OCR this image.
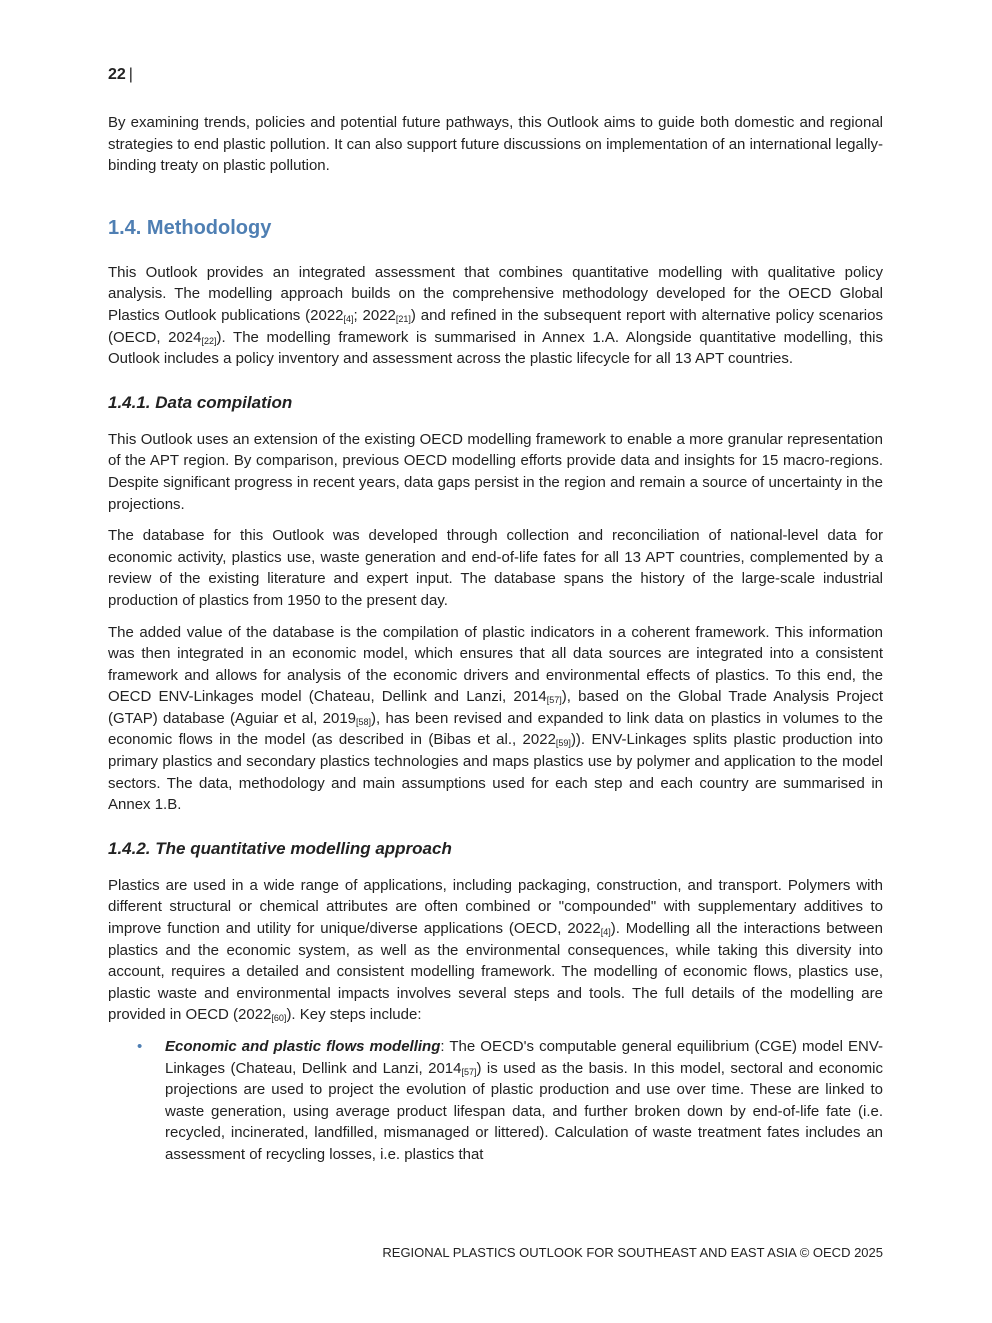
22 |

By examining trends, policies and potential future pathways, this Outlook aims to guide both domestic and regional strategies to end plastic pollution. It can also support future discussions on implementation of an international legally-binding treaty on plastic pollution.

1.4. Methodology

This Outlook provides an integrated assessment that combines quantitative modelling with qualitative policy analysis. The modelling approach builds on the comprehensive methodology developed for the OECD Global Plastics Outlook publications ($2022_{[4]}$; $2022_{[21]}$) and refined in the subsequent report with alternative policy scenarios (OECD, $2024_{[22]}$). The modelling framework is summarised in Annex 1.A. Alongside quantitative modelling, this Outlook includes a policy inventory and assessment across the plastic lifecycle for all 13 APT countries.

1.4.1. Data compilation

This Outlook uses an extension of the existing OECD modelling framework to enable a more granular representation of the APT region. By comparison, previous OECD modelling efforts provide data and insights for 15 macro-regions. Despite significant progress in recent years, data gaps persist in the region and remain a source of uncertainty in the projections.

The database for this Outlook was developed through collection and reconciliation of national-level data for economic activity, plastics use, waste generation and end-of-life fates for all 13 APT countries, complemented by a review of the existing literature and expert input. The database spans the history of the large-scale industrial production of plastics from 1950 to the present day.

The added value of the database is the compilation of plastic indicators in a coherent framework. This information was then integrated in an economic model, which ensures that all data sources are integrated into a consistent framework and allows for analysis of the economic drivers and environmental effects of plastics. To this end, the OECD ENV-Linkages model (Chateau, Dellink and Lanzi, $2014_{[57]}$), based on the Global Trade Analysis Project (GTAP) database (Aguiar et al, $2019_{[58]}$), has been revised and expanded to link data on plastics in volumes to the economic flows in the model (as described in (Bibas et al., $2022_{[59]}$)). ENV-Linkages splits plastic production into primary plastics and secondary plastics technologies and maps plastics use by polymer and application to the model sectors. The data, methodology and main assumptions used for each step and each country are summarised in Annex 1.B.

1.4.2. The quantitative modelling approach

Plastics are used in a wide range of applications, including packaging, construction, and transport. Polymers with different structural or chemical attributes are often combined or "compounded" with supplementary additives to improve function and utility for unique/diverse applications (OECD, $2022_{[4]}$). Modelling all the interactions between plastics and the economic system, as well as the environmental consequences, while taking this diversity into account, requires a detailed and consistent modelling framework. The modelling of economic flows, plastics use, plastic waste and environmental impacts involves several steps and tools. The full details of the modelling are provided in OECD $(2022_{[60]})$. Key steps include:

• Economic and plastic flows modelling: The OECD's computable general equilibrium (CGE) model ENV-Linkages (Chateau, Dellink and Lanzi, $2014_{[57]}$) is used as the basis. In this model, sectoral and economic projections are used to project the evolution of plastic production and use over time. These are linked to waste generation, using average product lifespan data, and further broken down by end-of-life fate (i.e. recycled, incinerated, landfilled, mismanaged or littered). Calculation of waste treatment fates includes an assessment of recycling losses, i.e. plastics that
REGIONAL PLASTICS OUTLOOK FOR SOUTHEAST AND EAST ASIA © OECD 2025
